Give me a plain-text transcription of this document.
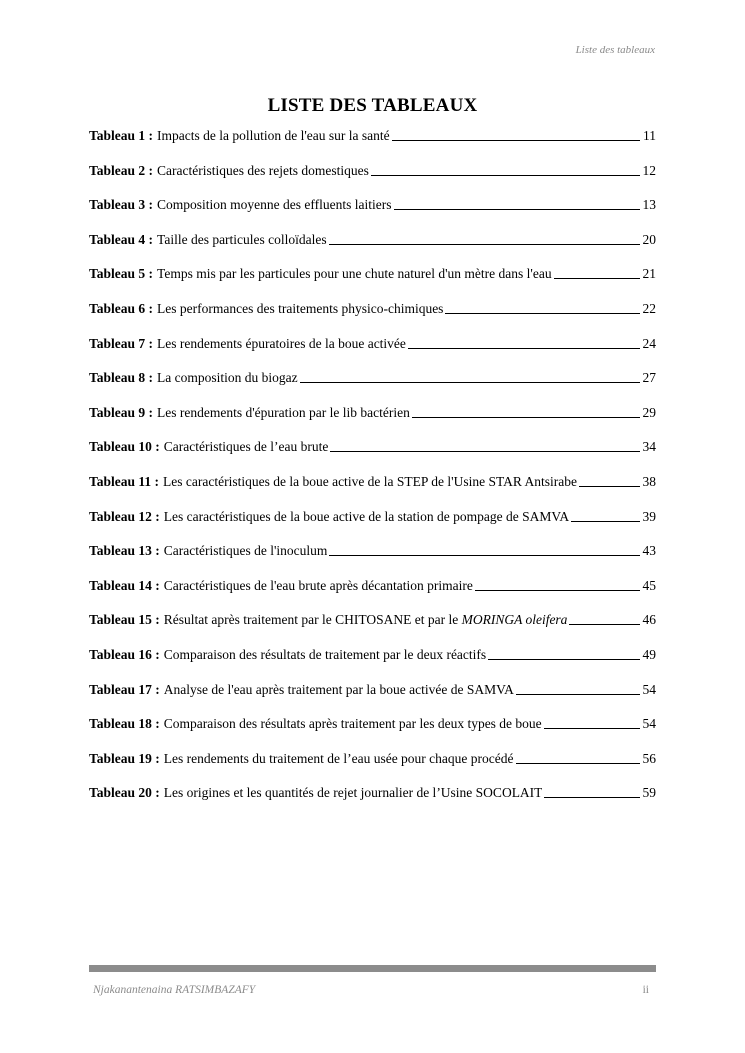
Liste des tableaux
LISTE DES TABLEAUX
Tableau 1 : Impacts de la pollution de l'eau sur la santé	11
Tableau 2 : Caractéristiques des rejets domestiques	12
Tableau 3 : Composition moyenne des effluents laitiers	13
Tableau 4 : Taille des particules colloïdales	20
Tableau 5 : Temps mis par les particules pour une chute naturel d'un mètre dans l'eau	21
Tableau 6 : Les performances des traitements physico-chimiques	22
Tableau 7 : Les rendements épuratoires de la boue activée	24
Tableau 8 : La composition du biogaz	27
Tableau 9 : Les rendements d'épuration par le lib bactérien	29
Tableau 10 : Caractéristiques de l’eau brute	34
Tableau 11 : Les caractéristiques de la boue active de la STEP de l'Usine STAR Antsirabe	38
Tableau 12 : Les caractéristiques de la boue active de la station de pompage de SAMVA	39
Tableau 13 : Caractéristiques de l'inoculum	43
Tableau 14 : Caractéristiques de l'eau brute après décantation primaire	45
Tableau 15 : Résultat après traitement par le CHITOSANE et par le MORINGA oleifera	46
Tableau 16 : Comparaison des résultats de traitement par le deux réactifs	49
Tableau 17 : Analyse de l'eau après traitement par la boue activée de SAMVA	54
Tableau 18 : Comparaison des résultats après traitement par les deux types de boue	54
Tableau 19 : Les rendements du traitement de l’eau usée pour chaque procédé	56
Tableau 20 : Les origines et les quantités de rejet journalier de l’Usine SOCOLAIT	59
Njakanantenaina RATSIMBAZAFY	ii
